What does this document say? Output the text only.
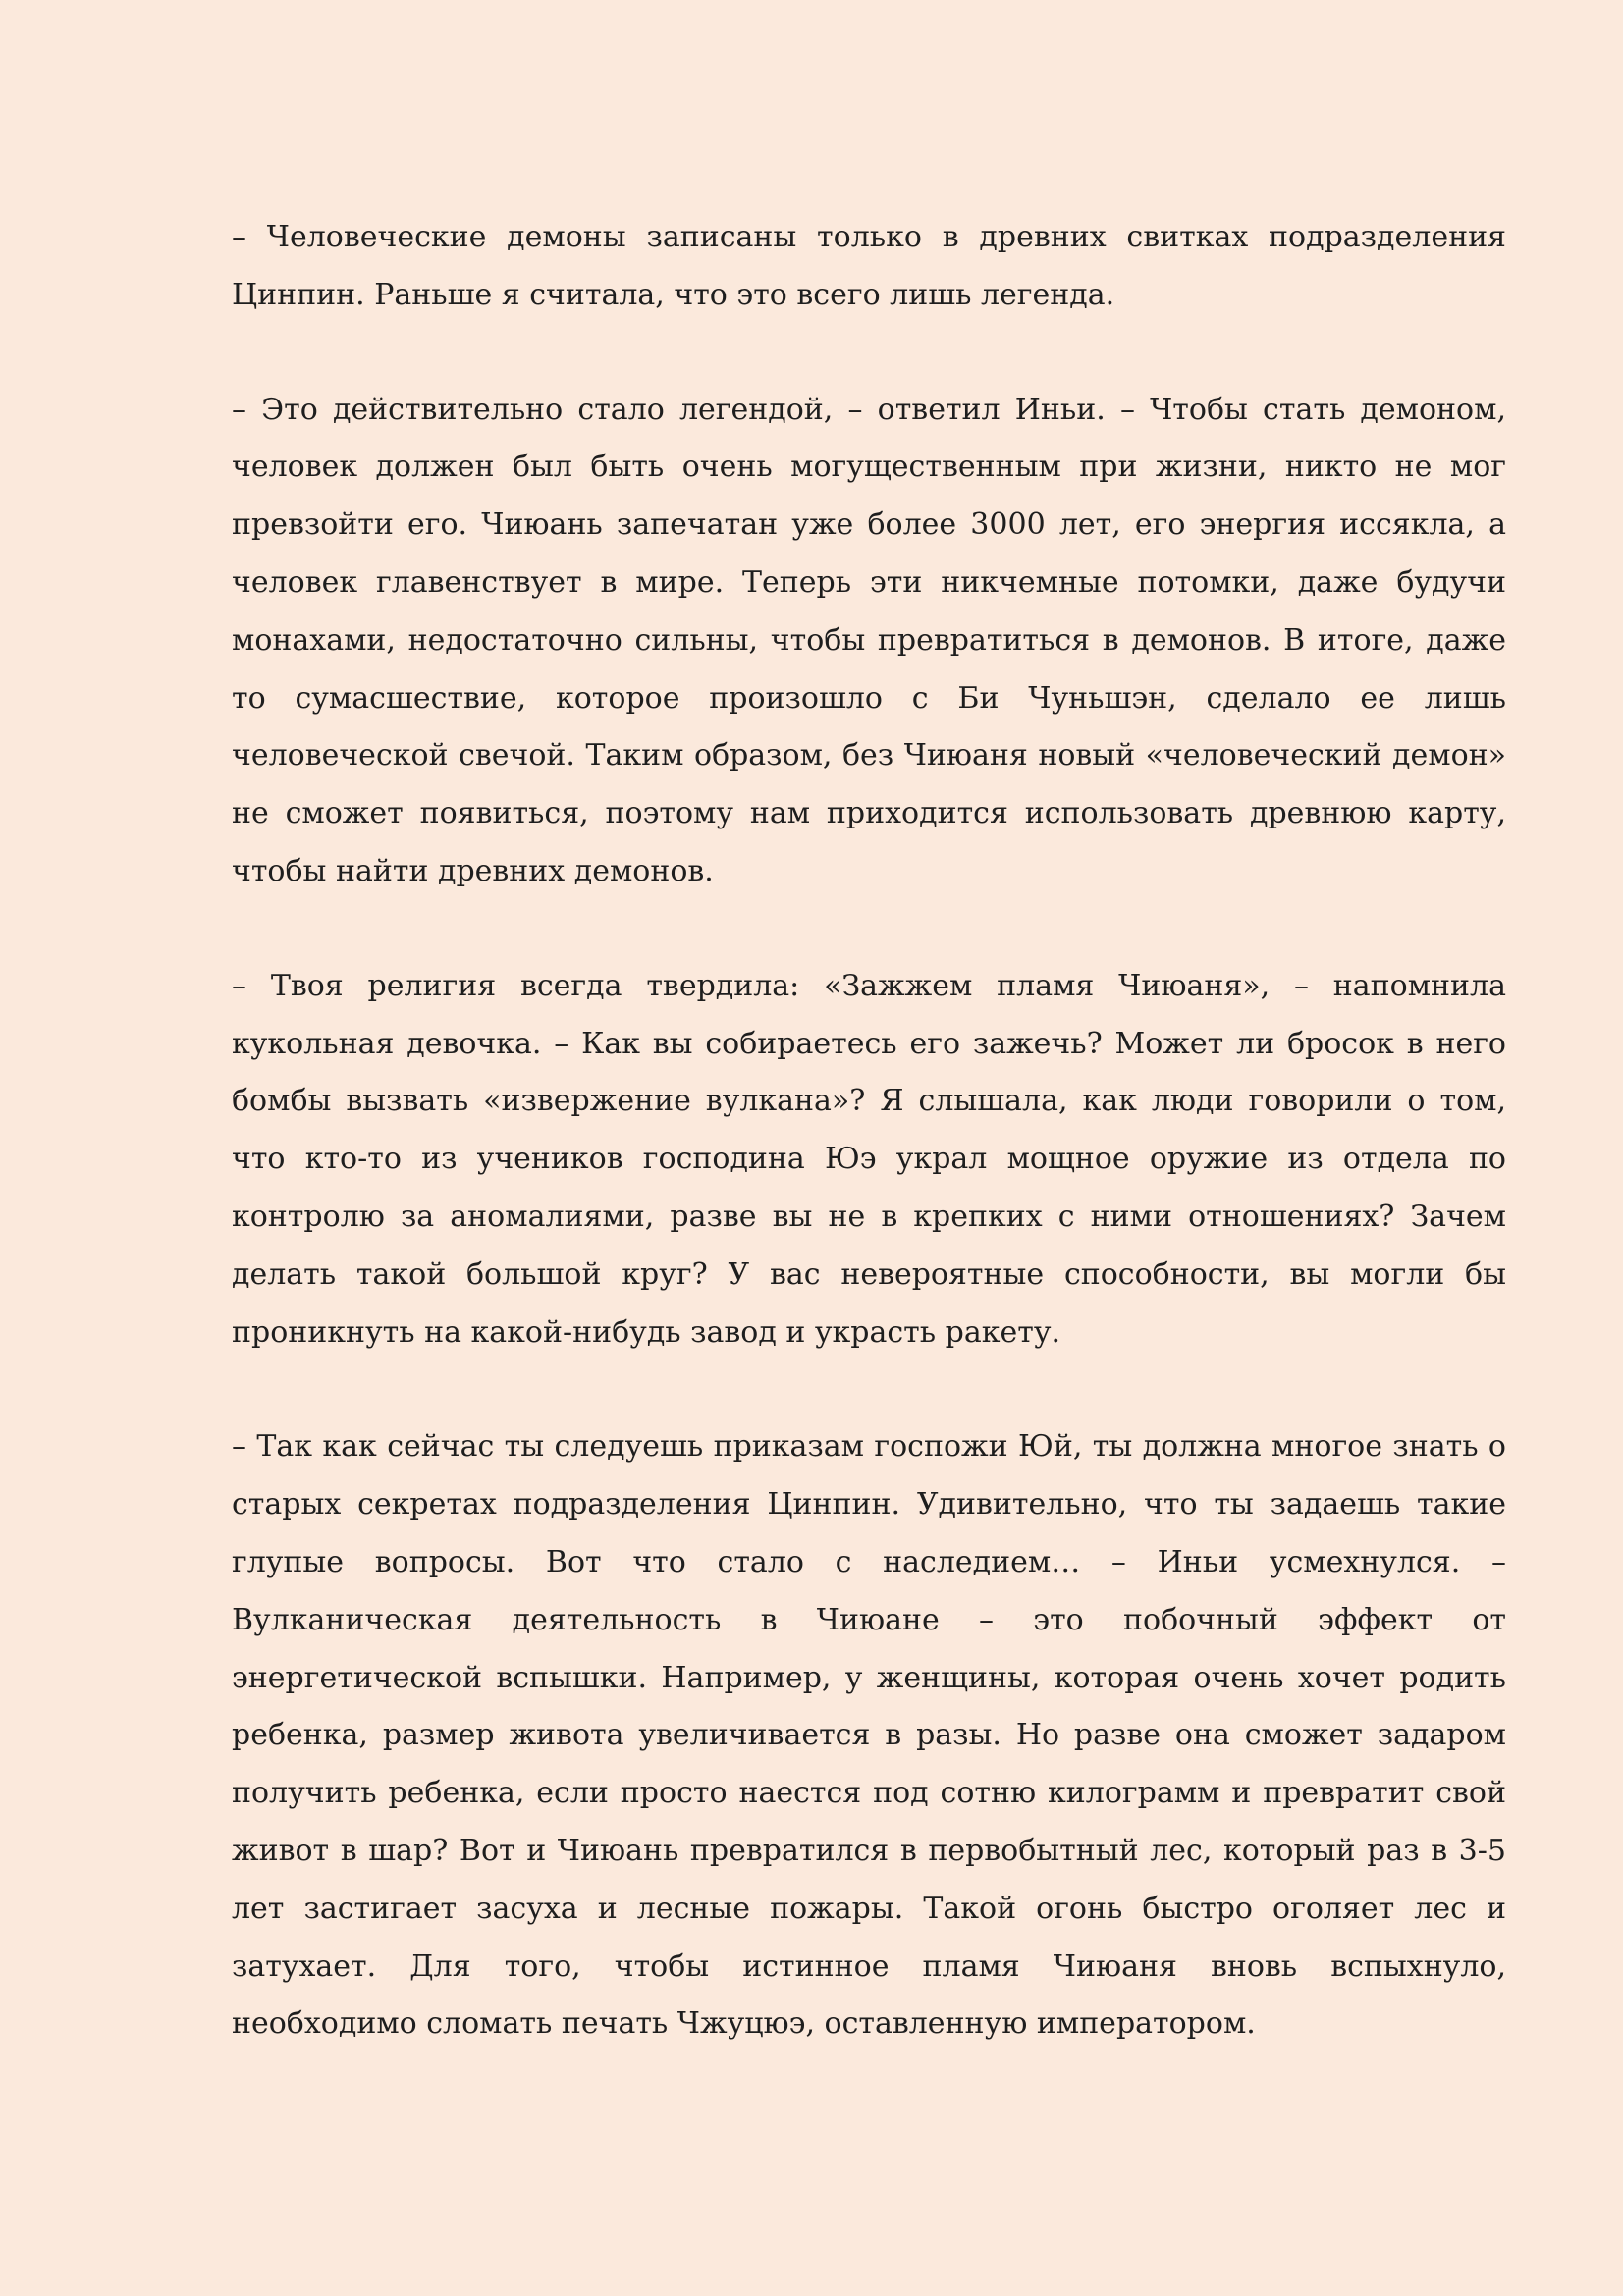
– Человеческие демоны записаны только в древних свитках подразделения Цинпин. Раньше я считала, что это всего лишь легенда.

– Это действительно стало легендой, – ответил Иньи. – Чтобы стать демоном, человек должен был быть очень могущественным при жизни, никто не мог превзойти его. Чиюань запечатан уже более 3000 лет, его энергия иссякла, а человек главенствует в мире. Теперь эти никчемные потомки, даже будучи монахами, недостаточно сильны, чтобы превратиться в демонов. В итоге, даже то сумасшествие, которое произошло с Би Чуньшэн, сделало ее лишь человеческой свечой. Таким образом, без Чиюаня новый «человеческий демон» не сможет появиться, поэтому нам приходится использовать древнюю карту, чтобы найти древних демонов.

– Твоя религия всегда твердила: «Зажжем пламя Чиюаня», – напомнила кукольная девочка. – Как вы собираетесь его зажечь? Может ли бросок в него бомбы вызвать «извержение вулкана»? Я слышала, как люди говорили о том, что кто-то из учеников господина Юэ украл мощное оружие из отдела по контролю за аномалиями, разве вы не в крепких с ними отношениях? Зачем делать такой большой круг? У вас невероятные способности, вы могли бы проникнуть на какой-нибудь завод и украсть ракету.

– Так как сейчас ты следуешь приказам госпожи Юй, ты должна многое знать о старых секретах подразделения Цинпин. Удивительно, что ты задаешь такие глупые вопросы. Вот что стало с наследием… – Иньи усмехнулся. – Вулканическая деятельность в Чиюане – это побочный эффект от энергетической вспышки. Например, у женщины, которая очень хочет родить ребенка, размер живота увеличивается в разы. Но разве она сможет задаром получить ребенка, если просто наестся под сотню килограмм и превратит свой живот в шар? Вот и Чиюань превратился в первобытный лес, который раз в 3-5 лет застигает засуха и лесные пожары. Такой огонь быстро оголяет лес и затухает. Для того, чтобы истинное пламя Чиюаня вновь вспыхнуло, необходимо сломать печать Чжуцюэ, оставленную императором.
